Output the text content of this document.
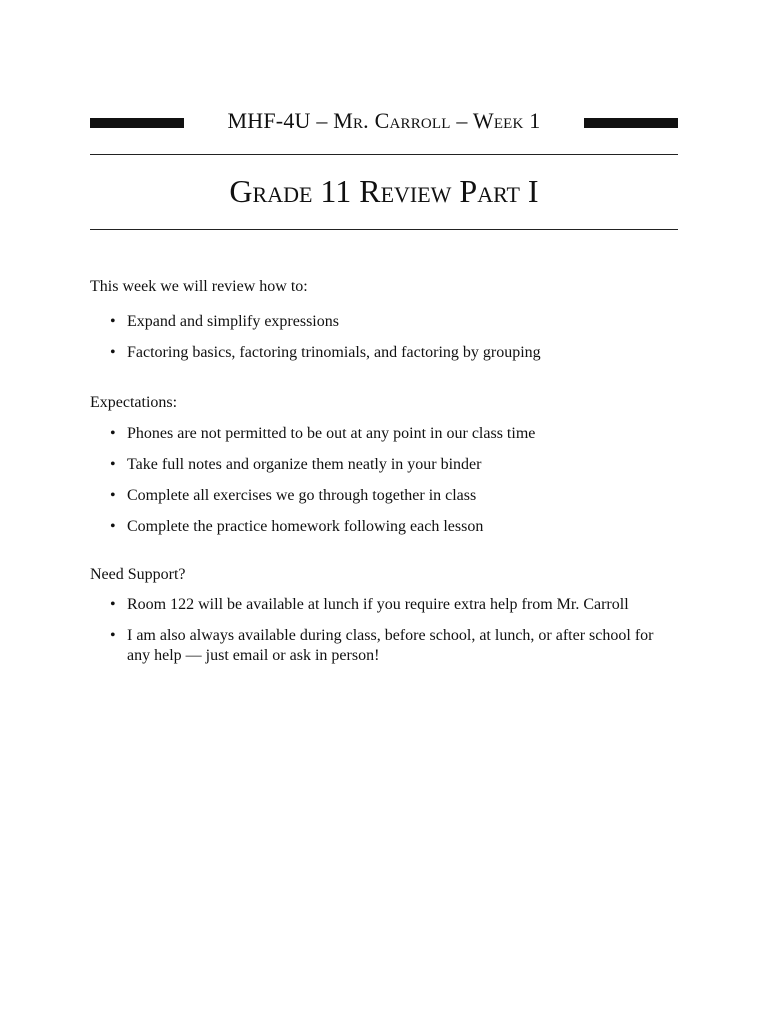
MHF-4U – Mr. Carroll – Week 1
Grade 11 Review Part I
This week we will review how to:
• Expand and simplify expressions
• Factoring basics, factoring trinomials, and factoring by grouping
Expectations:
• Phones are not permitted to be out at any point in our class time
• Take full notes and organize them neatly in your binder
• Complete all exercises we go through together in class
• Complete the practice homework following each lesson
Need Support?
• Room 122 will be available at lunch if you require extra help from Mr. Carroll
• I am also always available during class, before school, at lunch, or after school for any help — just email or ask in person!
